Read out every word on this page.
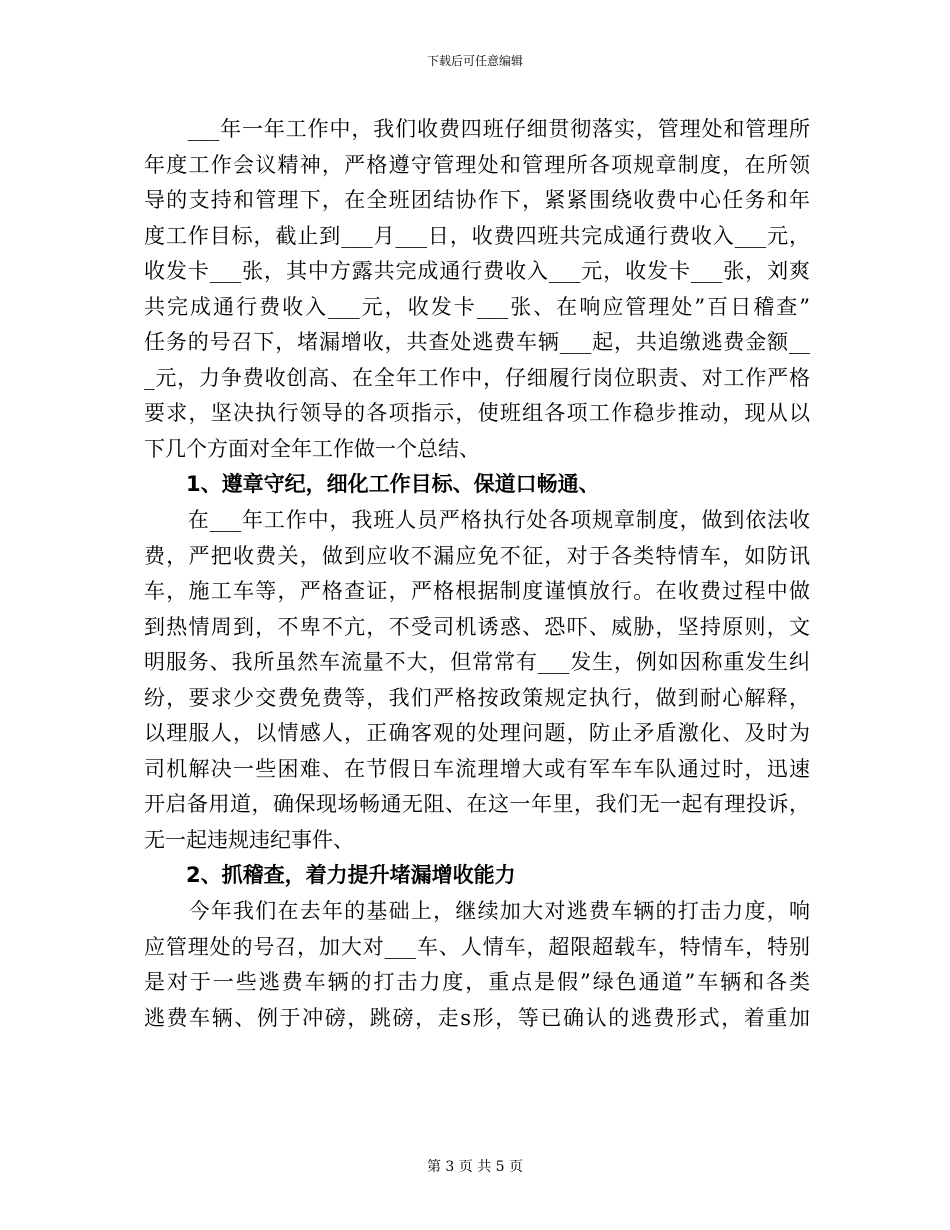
下载后可任意编辑
　　___年一年工作中，我们收费四班仔细贯彻落实，管理处和管理所
年度工作会议精神，严格遵守管理处和管理所各项规章制度，在所领
导的支持和管理下，在全班团结协作下，紧紧围绕收费中心任务和年
度工作目标，截止到___月___日，收费四班共完成通行费收入___元，
收发卡___张，其中方露共完成通行费收入___元，收发卡___张，刘爽
共完成通行费收入___元，收发卡___张、在响应管理处”百日稽查”
任务的号召下，堵漏增收，共查处逃费车辆___起，共追缴逃费金额__
_元，力争费收创高、在全年工作中，仔细履行岗位职责、对工作严格
要求，坚决执行领导的各项指示，使班组各项工作稳步推动，现从以
下几个方面对全年工作做一个总结、
　　1、遵章守纪，细化工作目标、保道口畅通、
　　在___年工作中，我班人员严格执行处各项规章制度，做到依法收
费，严把收费关，做到应收不漏应免不征，对于各类特情车，如防讯
车，施工车等，严格查证，严格根据制度谨慎放行。在收费过程中做
到热情周到，不卑不亢，不受司机诱惑、恐吓、威胁，坚持原则，文
明服务、我所虽然车流量不大，但常常有___发生，例如因称重发生纠
纷，要求少交费免费等，我们严格按政策规定执行，做到耐心解释，
以理服人，以情感人，正确客观的处理问题，防止矛盾激化、及时为
司机解决一些困难、在节假日车流理增大或有军车车队通过时，迅速
开启备用道，确保现场畅通无阻、在这一年里，我们无一起有理投诉，
无一起违规违纪事件、
　　2、抓稽查，着力提升堵漏增收能力
　　今年我们在去年的基础上，继续加大对逃费车辆的打击力度，响
应管理处的号召，加大对___车、人情车，超限超载车，特情车，特别
是对于一些逃费车辆的打击力度，重点是假”绿色通道”车辆和各类
逃费车辆、例于冲磅，跳磅，走s形，等已确认的逃费形式，着重加
第 3 页 共 5 页
